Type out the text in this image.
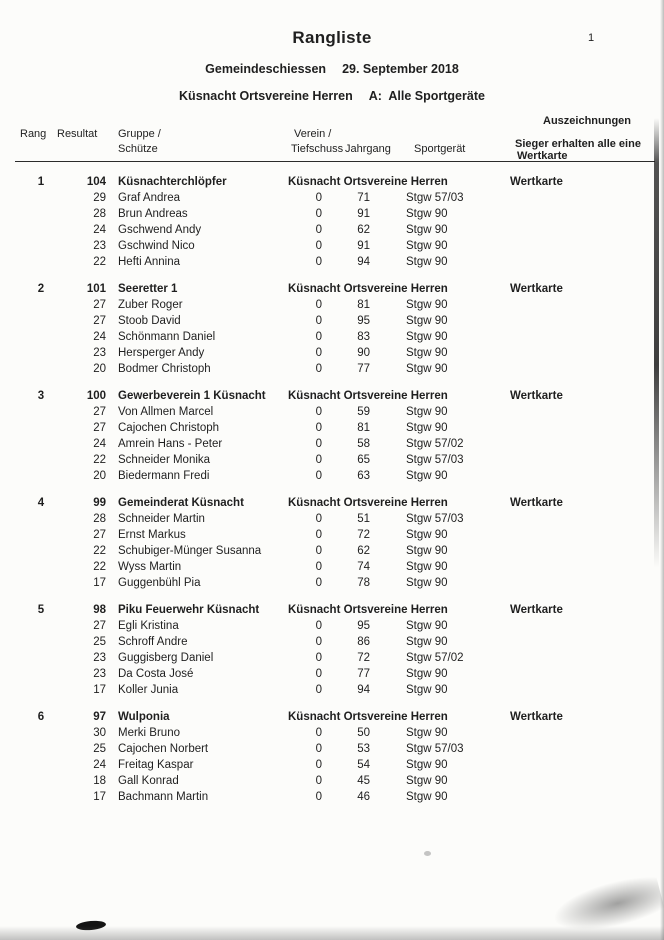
1
Rangliste
Gemeindeschiessen 29. September 2018
Küsnacht Ortsvereine Herren A:  Alle Sportgeräte
Auszeichnungen
Rang Resultat Gruppe /	Verein /
Schütze	Tiefschuss Jahrgang Sportgerät	Sieger erhalten alle eine
Wertkarte
1	104	Küsnachterchlöpfer	Küsnacht Ortsvereine Herren	Wertkarte
29	Graf Andrea	0	71	Stgw 57/03
28	Brun Andreas	0	91	Stgw 90
24	Gschwend Andy	0	62	Stgw 90
23	Gschwind Nico	0	91	Stgw 90
22	Hefti Annina	0	94	Stgw 90
2	101	Seeretter 1	Küsnacht Ortsvereine Herren	Wertkarte
27	Zuber Roger	0	81	Stgw 90
27	Stoob David	0	95	Stgw 90
24	Schönmann Daniel	0	83	Stgw 90
23	Hersperger Andy	0	90	Stgw 90
20	Bodmer Christoph	0	77	Stgw 90
3	100	Gewerbeverein 1 Küsnacht	Küsnacht Ortsvereine Herren	Wertkarte
27	Von Allmen Marcel	0	59	Stgw 90
27	Cajochen Christoph	0	81	Stgw 90
24	Amrein Hans - Peter	0	58	Stgw 57/02
22	Schneider Monika	0	65	Stgw 57/03
20	Biedermann Fredi	0	63	Stgw 90
4	99	Gemeinderat Küsnacht	Küsnacht Ortsvereine Herren	Wertkarte
28	Schneider Martin	0	51	Stgw 57/03
27	Ernst Markus	0	72	Stgw 90
22	Schubiger-Münger Susanna	0	62	Stgw 90
22	Wyss Martin	0	74	Stgw 90
17	Guggenbühl Pia	0	78	Stgw 90
5	98	Piku Feuerwehr Küsnacht	Küsnacht Ortsvereine Herren	Wertkarte
27	Egli Kristina	0	95	Stgw 90
25	Schroff Andre	0	86	Stgw 90
23	Guggisberg Daniel	0	72	Stgw 57/02
23	Da Costa José	0	77	Stgw 90
17	Koller Junia	0	94	Stgw 90
6	97	Wulponia	Küsnacht Ortsvereine Herren	Wertkarte
30	Merki Bruno	0	50	Stgw 90
25	Cajochen Norbert	0	53	Stgw 57/03
24	Freitag Kaspar	0	54	Stgw 90
18	Gall Konrad	0	45	Stgw 90
17	Bachmann Martin	0	46	Stgw 90
